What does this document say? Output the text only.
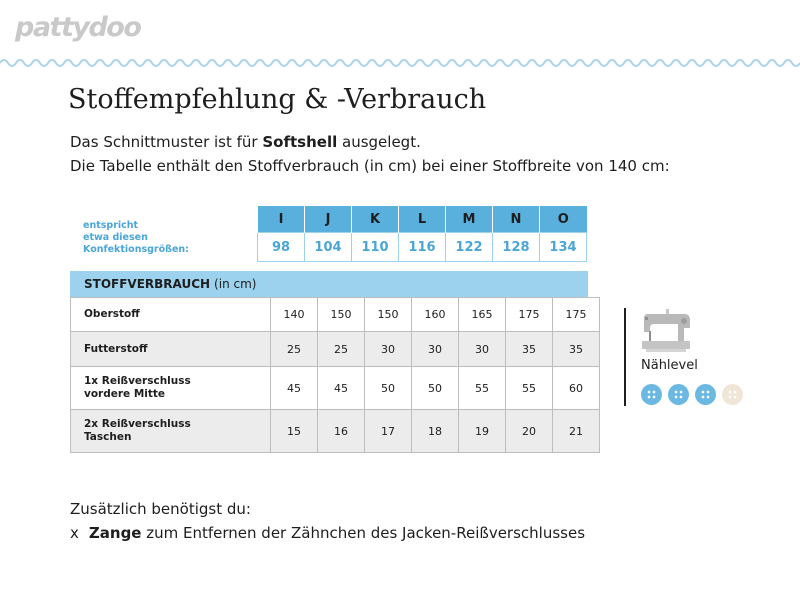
pattydoo
Stoffempfehlung & -Verbrauch
Das Schnittmuster ist für Softshell ausgelegt.
Die Tabelle enthält den Stoffverbrauch (in cm) bei einer Stoffbreite von 140 cm:
entspricht
etwa diesen
Konfektionsgrößen:
I	J	K	L	M	N	O
98	104	110	116	122	128	134
STOFFVERBRAUCH (in cm)
Oberstoff	140	150	150	160	165	175	175

Futterstoff	25	25	30	30	30	35	35

1x Reißverschluss
vordere Mitte	45	45	50	50	55	55	60

2x Reißverschluss
Taschen	15	16	17	18	19	20	21
Nählevel
Zusätzlich benötigst du:
x Zange zum Entfernen der Zähnchen des Jacken-Reißverschlusses
